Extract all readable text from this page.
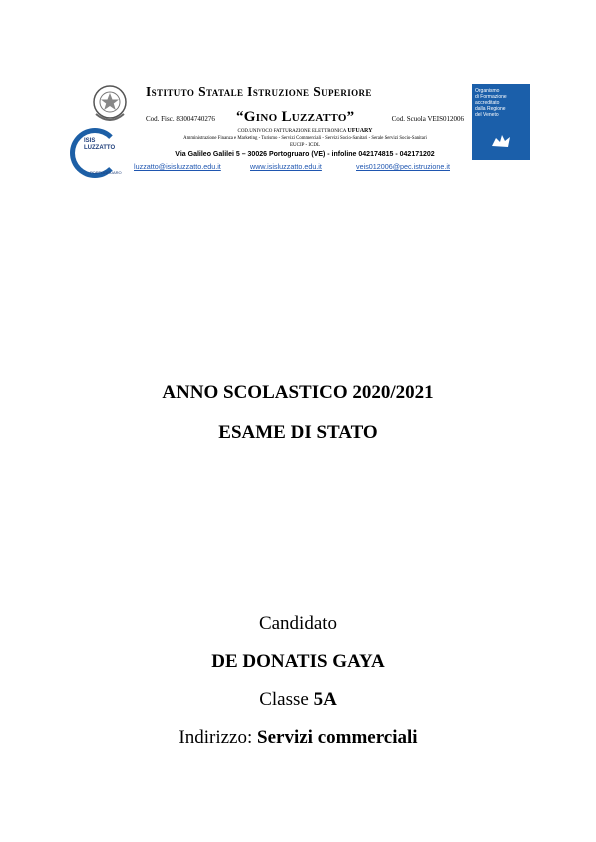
ISIS
LUZZATTO
PORTOGRUARO
Istituto Statale Istruzione Superiore
Cod. Fisc. 83004740276 “Gino Luzzatto”	Cod. Scuola VEIS012006
COD.UNIVOCO FATTURAZIONE ELETTRONICA UFUARY
Amministrazione Finanza e Marketing - Turismo - Servizi Commerciali - Servizi Socio-Sanitari - Serale Servizi Socio-Sanitari
EUCIP - ICDL
Via Galileo Galilei 5 – 30026 Portogruaro (VE) - infoline 042174815 - 042171202
luzzatto@isisluzzatto.edu.it	www.isisluzzatto.edu.it	veis012006@pec.istruzione.it
Organismo
di Formazione
accreditato
dalla Regione
del Veneto
ANNO SCOLASTICO 2020/2021
ESAME DI STATO
Candidato
DE DONATIS GAYA
Classe 5A
Indirizzo: Servizi commerciali
